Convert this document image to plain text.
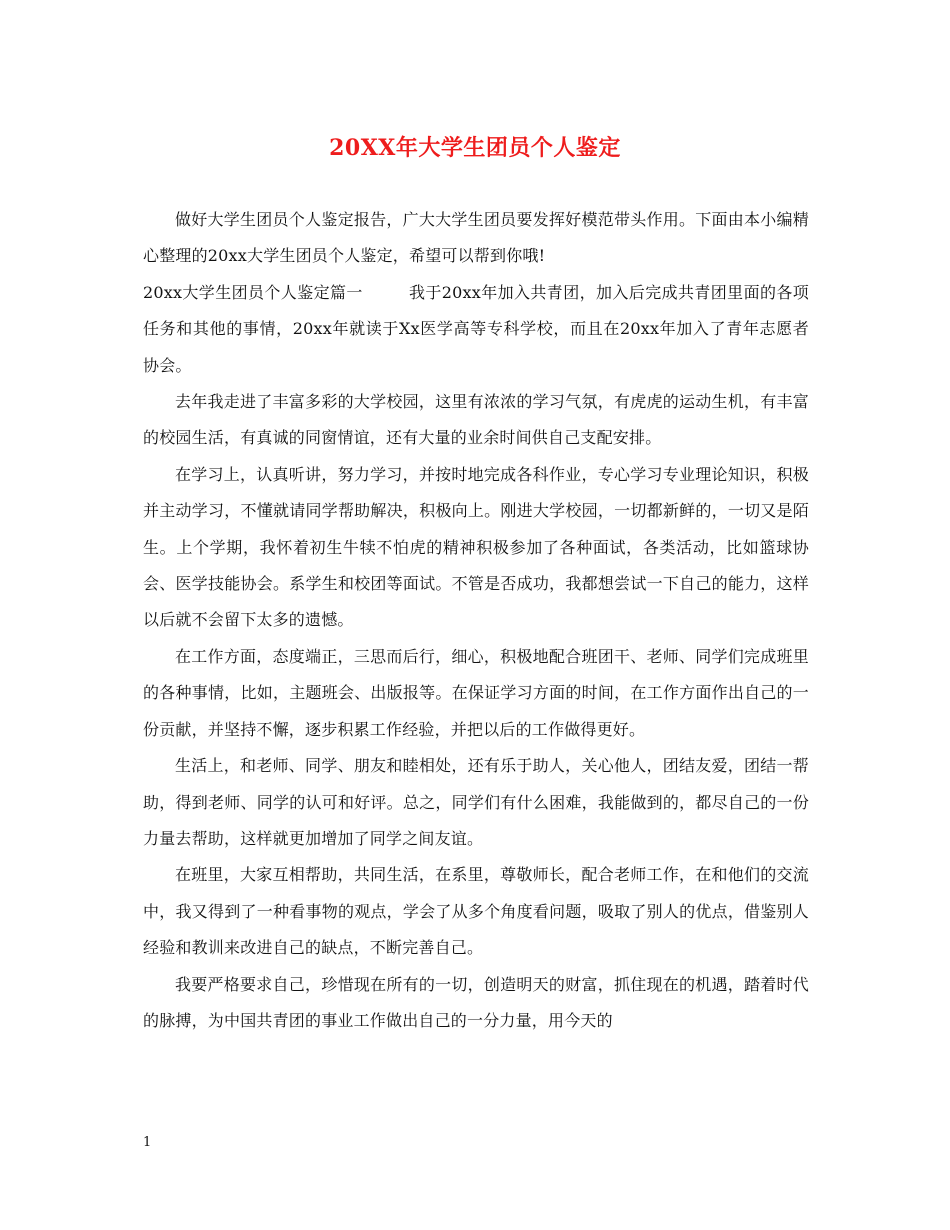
20XX年大学生团员个人鉴定

做好大学生团员个人鉴定报告，广大大学生团员要发挥好模范带头作用。下面由本小编精心整理的20xx大学生团员个人鉴定，希望可以帮到你哦!

20xx大学生团员个人鉴定篇一	我于20xx年加入共青团，加入后完成共青团里面的各项任务和其他的事情，20xx年就读于Xx医学高等专科学校，而且在20xx年加入了青年志愿者协会。

去年我走进了丰富多彩的大学校园，这里有浓浓的学习气氛，有虎虎的运动生机，有丰富的校园生活，有真诚的同窗情谊，还有大量的业余时间供自己支配安排。

在学习上，认真听讲，努力学习，并按时地完成各科作业，专心学习专业理论知识，积极并主动学习，不懂就请同学帮助解决，积极向上。刚进大学校园，一切都新鲜的，一切又是陌生。上个学期，我怀着初生牛犊不怕虎的精神积极参加了各种面试，各类活动，比如篮球协会、医学技能协会。系学生和校团等面试。不管是否成功，我都想尝试一下自己的能力，这样以后就不会留下太多的遗憾。

在工作方面，态度端正，三思而后行，细心，积极地配合班团干、老师、同学们完成班里的各种事情，比如，主题班会、出版报等。在保证学习方面的时间，在工作方面作出自己的一份贡献，并坚持不懈，逐步积累工作经验，并把以后的工作做得更好。

生活上，和老师、同学、朋友和睦相处，还有乐于助人，关心他人，团结友爱，团结一帮助，得到老师、同学的认可和好评。总之，同学们有什么困难，我能做到的，都尽自己的一份力量去帮助，这样就更加增加了同学之间友谊。

在班里，大家互相帮助，共同生活，在系里，尊敬师长，配合老师工作，在和他们的交流中，我又得到了一种看事物的观点，学会了从多个角度看问题，吸取了别人的优点，借鉴别人经验和教训来改进自己的缺点，不断完善自己。

我要严格要求自己，珍惜现在所有的一切，创造明天的财富，抓住现在的机遇，踏着时代的脉搏，为中国共青团的事业工作做出自己的一分力量，用今天的

1
